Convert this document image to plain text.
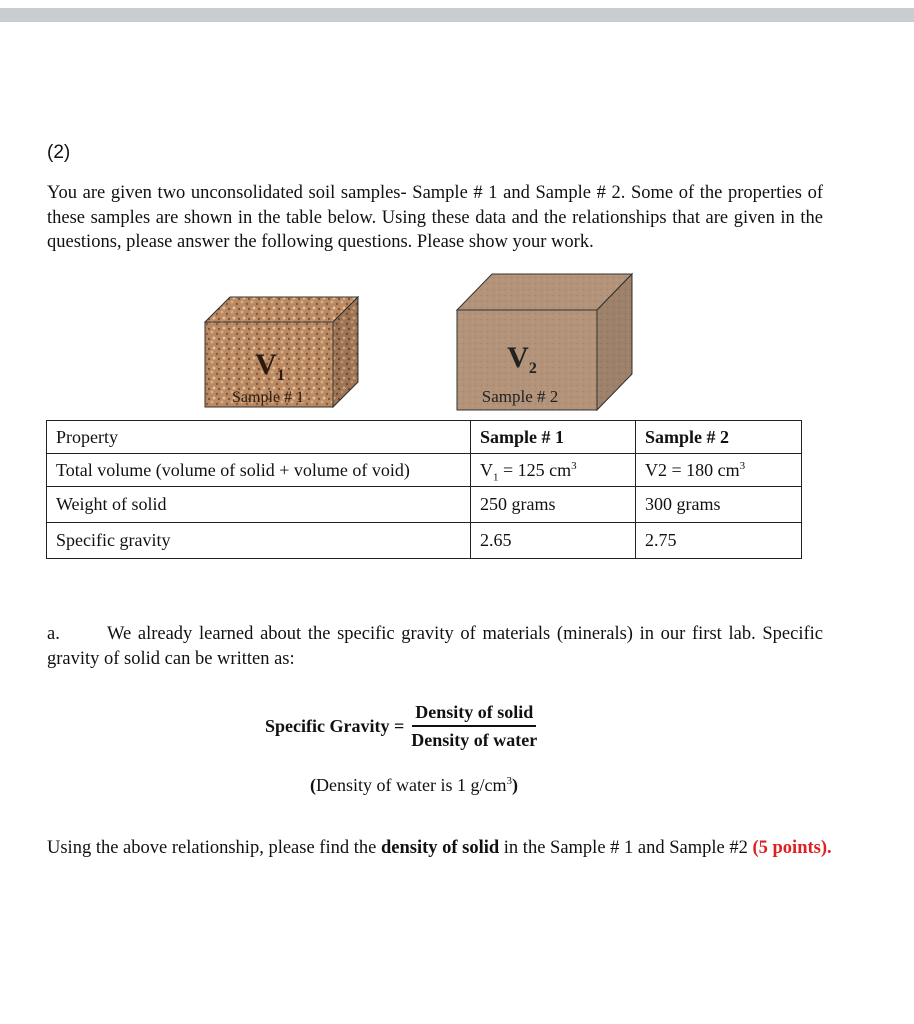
(2)
You are given two unconsolidated soil samples- Sample # 1 and Sample # 2. Some of the properties of these samples are shown in the table below. Using these data and the relationships that are given in the questions, please answer the following questions. Please show your work.
$V_1$
Sample # 1
$V_2$
Sample # 2
Property	Sample # 1	Sample # 2
Total volume (volume of solid + volume of void)	$V_1 = 125$ $cm^3$	V2 = 180 $cm^3$
Weight of solid	250 grams	300 grams
Specific gravity	2.65	2.75
a.	We already learned about the specific gravity of materials (minerals) in our first lab. Specific gravity of solid can be written as:
Specific Gravity = $\frac{\text{Density of solid}}{\text{Density of water}}$
(Density of water is 1 $g/cm^3$)
Using the above relationship, please find the density of solid in the Sample # 1 and Sample #2 (5 points).
